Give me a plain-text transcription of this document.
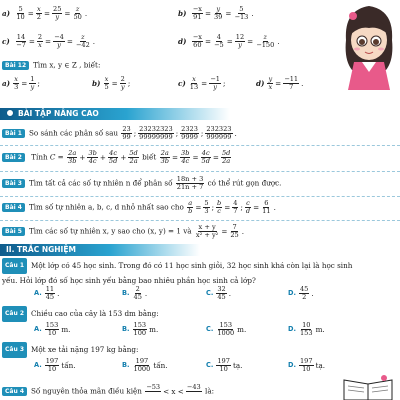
$a) \frac{5}{10} = \frac{x}{2} = \frac{25}{y} = \frac{z}{50}$ .	$b) \frac{-x}{91} = \frac{y}{39} = \frac{5}{-13}$ .
$c) \frac{14}{-7} = \frac{2}{x} = \frac{-4}{y} = \frac{z}{-42}$ .	$d) \frac{-x}{60} = \frac{4}{-5} = \frac{12}{y} = \frac{z}{-150}$ .
Bài 12 Tìm x, y ∈ Z , biết:
$a) \frac{x}{3} = \frac{1}{y}$ ;	$b) \frac{x}{5} = \frac{2}{y}$ ;	$c) \frac{x}{13} = \frac{-1}{y}$ ;	$d) \frac{y}{x} = \frac{-11}{7}$ .
BÀI TẬP NÂNG CAO
Bài 1 So sánh các phân số sau $\frac{23}{99}$ ; $\frac{23232323}{99999999}$ ; $\frac{2323}{9999}$ ; $\frac{232323}{999999}$ .
Bài 2 Tính $C = \frac{2a}{3b} + \frac{3b}{4c} + \frac{4c}{5d} + \frac{5d}{2a}$ biết $\frac{2a}{3b} = \frac{3b}{4c} = \frac{4c}{5d} = \frac{5d}{2a}$
Bài 3 Tìm tất cả các số tự nhiên n để phân số $\frac{18n + 3}{21n + 7}$ có thể rút gọn được.
Bài 4 Tìm số tự nhiên a, b, c, d nhỏ nhất sao cho $\frac{a}{b} = \frac{5}{3}$ ; $\frac{b}{c} = \frac{4}{7}$ ; $\frac{c}{d} = \frac{6}{11}$ .
Bài 5 Tìm các số tự nhiên x, y sao cho (x, y) = 1 và $\frac{x + y}{\text{x² + y²}} = \frac{7}{25}$ .
II. TRẮC NGHIỆM
Câu 1 Một lớp có 45 học sinh. Trong đó có 11 học sinh giỏi, 32 học sinh khá còn lại là học sinh
yếu. Hỏi lớp đó số học sinh yếu bằng bao nhiêu phần học sinh cả lớp?
A. $\frac{11}{45}$ .	B. $\frac{2}{45}$ .	C. $\frac{32}{45}$ .	D. $\frac{45}{2}$ .
Câu 2 Chiều cao của cây là 153 dm bằng:
A. $\frac{153}{10} m$.	B. $\frac{153}{100} m$.	C. $\frac{153}{1000} m$.	D. $\frac{10}{153} m$.
Câu 3 Một xe tải nặng 197 kg bằng:
A. $\frac{197}{10}$ tấn.	B. $\frac{197}{1000}$ tấn.	C. $\frac{197}{10}$ tạ.	D. $\frac{197}{10}$ tạ.
Câu 4 Số nguyên thỏa mãn điều kiện −53
< x < −43
là:
